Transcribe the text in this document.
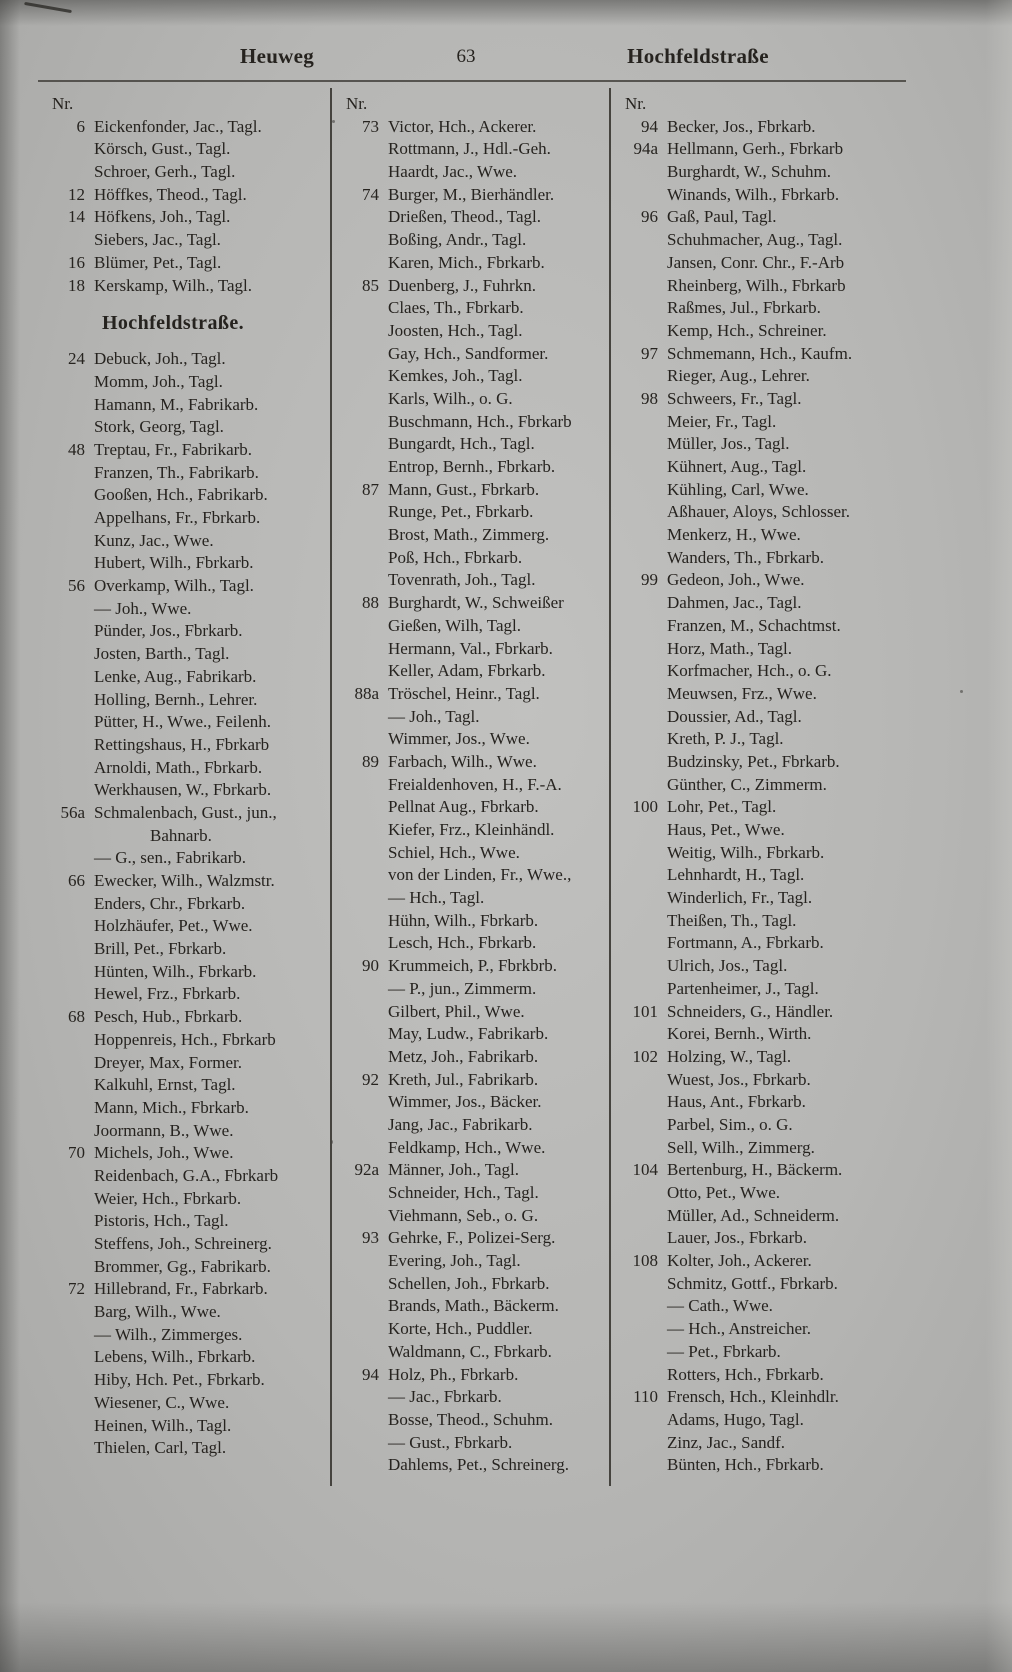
Heuweg	63	Hochfeldstraße
Nr.
6 Eickenfonder, Jac., Tagl.
Körsch, Gust., Tagl.
Schroer, Gerh., Tagl.
12 Höffkes, Theod., Tagl.
14 Höfkens, Joh., Tagl.
Siebers, Jac., Tagl.
16 Blümer, Pet., Tagl.
18 Kerskamp, Wilh., Tagl.
Hochfeldstraße.
24 Debuck, Joh., Tagl.
Momm, Joh., Tagl.
Hamann, M., Fabrikarb.
Stork, Georg, Tagl.
48 Treptau, Fr., Fabrikarb.
Franzen, Th., Fabrikarb.
Gooßen, Hch., Fabrikarb.
Appelhans, Fr., Fbrkarb.
Kunz, Jac., Wwe.
Hubert, Wilh., Fbrkarb.
56 Overkamp, Wilh., Tagl.
— Joh., Wwe.
Pünder, Jos., Fbrkarb.
Josten, Barth., Tagl.
Lenke, Aug., Fabrikarb.
Holling, Bernh., Lehrer.
Pütter, H., Wwe., Feilenh.
Rettingshaus, H., Fbrkarb
Arnoldi, Math., Fbrkarb.
Werkhausen, W., Fbrkarb.
56a Schmalenbach, Gust., jun.,
Bahnarb.
— G., sen., Fabrikarb.
66 Ewecker, Wilh., Walzmstr.
Enders, Chr., Fbrkarb.
Holzhäufer, Pet., Wwe.
Brill, Pet., Fbrkarb.
Hünten, Wilh., Fbrkarb.
Hewel, Frz., Fbrkarb.
68 Pesch, Hub., Fbrkarb.
Hoppenreis, Hch., Fbrkarb
Dreyer, Max, Former.
Kalkuhl, Ernst, Tagl.
Mann, Mich., Fbrkarb.
Joormann, B., Wwe.
70 Michels, Joh., Wwe.
Reidenbach, G.A., Fbrkarb
Weier, Hch., Fbrkarb.
Pistoris, Hch., Tagl.
Steffens, Joh., Schreinerg.
Brommer, Gg., Fabrikarb.
72 Hillebrand, Fr., Fabrkarb.
Barg, Wilh., Wwe.
— Wilh., Zimmerges.
Lebens, Wilh., Fbrkarb.
Hiby, Hch. Pet., Fbrkarb.
Wiesener, C., Wwe.
Heinen, Wilh., Tagl.
Thielen, Carl, Tagl.
Nr.
73 Victor, Hch., Ackerer.
Rottmann, J., Hdl.-Geh.
Haardt, Jac., Wwe.
74 Burger, M., Bierhändler.
Drießen, Theod., Tagl.
Boßing, Andr., Tagl.
Karen, Mich., Fbrkarb.
85 Duenberg, J., Fuhrkn.
Claes, Th., Fbrkarb.
Joosten, Hch., Tagl.
Gay, Hch., Sandformer.
Kemkes, Joh., Tagl.
Karls, Wilh., o. G.
Buschmann, Hch., Fbrkarb
Bungardt, Hch., Tagl.
Entrop, Bernh., Fbrkarb.
87 Mann, Gust., Fbrkarb.
Runge, Pet., Fbrkarb.
Brost, Math., Zimmerg.
Poß, Hch., Fbrkarb.
Tovenrath, Joh., Tagl.
88 Burghardt, W., Schweißer
Gießen, Wilh, Tagl.
Hermann, Val., Fbrkarb.
Keller, Adam, Fbrkarb.
88a Tröschel, Heinr., Tagl.
— Joh., Tagl.
Wimmer, Jos., Wwe.
89 Farbach, Wilh., Wwe.
Freialdenhoven, H., F.-A.
Pellnat Aug., Fbrkarb.
Kiefer, Frz., Kleinhändl.
Schiel, Hch., Wwe.
von der Linden, Fr., Wwe.,
— Hch., Tagl.
Hühn, Wilh., Fbrkarb.
Lesch, Hch., Fbrkarb.
90 Krummeich, P., Fbrkbrb.
— P., jun., Zimmerm.
Gilbert, Phil., Wwe.
May, Ludw., Fabrikarb.
Metz, Joh., Fabrikarb.
92 Kreth, Jul., Fabrikarb.
Wimmer, Jos., Bäcker.
Jang, Jac., Fabrikarb.
Feldkamp, Hch., Wwe.
92a Männer, Joh., Tagl.
Schneider, Hch., Tagl.
Viehmann, Seb., o. G.
93 Gehrke, F., Polizei-Serg.
Evering, Joh., Tagl.
Schellen, Joh., Fbrkarb.
Brands, Math., Bäckerm.
Korte, Hch., Puddler.
Waldmann, C., Fbrkarb.
94 Holz, Ph., Fbrkarb.
— Jac., Fbrkarb.
Bosse, Theod., Schuhm.
— Gust., Fbrkarb.
Dahlems, Pet., Schreinerg.
Nr.
94 Becker, Jos., Fbrkarb.
94a Hellmann, Gerh., Fbrkarb
Burghardt, W., Schuhm.
Winands, Wilh., Fbrkarb.
96 Gaß, Paul, Tagl.
Schuhmacher, Aug., Tagl.
Jansen, Conr. Chr., F.-Arb
Rheinberg, Wilh., Fbrkarb
Raßmes, Jul., Fbrkarb.
Kemp, Hch., Schreiner.
97 Schmemann, Hch., Kaufm.
Rieger, Aug., Lehrer.
98 Schweers, Fr., Tagl.
Meier, Fr., Tagl.
Müller, Jos., Tagl.
Kühnert, Aug., Tagl.
Kühling, Carl, Wwe.
Aßhauer, Aloys, Schlosser.
Menkerz, H., Wwe.
Wanders, Th., Fbrkarb.
99 Gedeon, Joh., Wwe.
Dahmen, Jac., Tagl.
Franzen, M., Schachtmst.
Horz, Math., Tagl.
Korfmacher, Hch., o. G.
Meuwsen, Frz., Wwe.
Doussier, Ad., Tagl.
Kreth, P. J., Tagl.
Budzinsky, Pet., Fbrkarb.
Günther, C., Zimmerm.
100 Lohr, Pet., Tagl.
Haus, Pet., Wwe.
Weitig, Wilh., Fbrkarb.
Lehnhardt, H., Tagl.
Winderlich, Fr., Tagl.
Theißen, Th., Tagl.
Fortmann, A., Fbrkarb.
Ulrich, Jos., Tagl.
Partenheimer, J., Tagl.
101 Schneiders, G., Händler.
Korei, Bernh., Wirth.
102 Holzing, W., Tagl.
Wuest, Jos., Fbrkarb.
Haus, Ant., Fbrkarb.
Parbel, Sim., o. G.
Sell, Wilh., Zimmerg.
104 Bertenburg, H., Bäckerm.
Otto, Pet., Wwe.
Müller, Ad., Schneiderm.
Lauer, Jos., Fbrkarb.
108 Kolter, Joh., Ackerer.
Schmitz, Gottf., Fbrkarb.
— Cath., Wwe.
— Hch., Anstreicher.
— Pet., Fbrkarb.
Rotters, Hch., Fbrkarb.
110 Frensch, Hch., Kleinhdlr.
Adams, Hugo, Tagl.
Zinz, Jac., Sandf.
Bünten, Hch., Fbrkarb.
